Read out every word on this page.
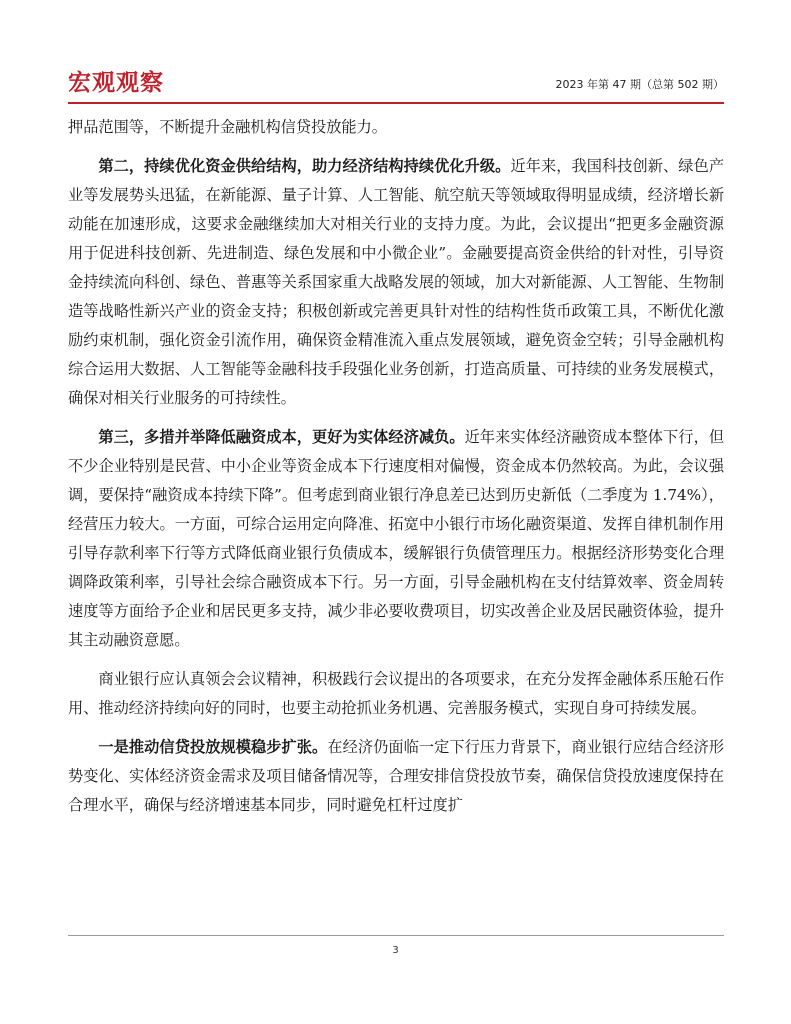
宏观观察	2023 年第 47 期（总第 502 期）

押品范围等，不断提升金融机构信贷投放能力。

第二，持续优化资金供给结构，助力经济结构持续优化升级。近年来，我国科技创新、绿色产业等发展势头迅猛，在新能源、量子计算、人工智能、航空航天等领域取得明显成绩，经济增长新动能在加速形成，这要求金融继续加大对相关行业的支持力度。为此，会议提出“把更多金融资源用于促进科技创新、先进制造、绿色发展和中小微企业”。金融要提高资金供给的针对性，引导资金持续流向科创、绿色、普惠等关系国家重大战略发展的领域，加大对新能源、人工智能、生物制造等战略性新兴产业的资金支持；积极创新或完善更具针对性的结构性货币政策工具，不断优化激励约束机制，强化资金引流作用，确保资金精准流入重点发展领域，避免资金空转；引导金融机构综合运用大数据、人工智能等金融科技手段强化业务创新，打造高质量、可持续的业务发展模式，确保对相关行业服务的可持续性。

第三，多措并举降低融资成本，更好为实体经济减负。近年来实体经济融资成本整体下行，但不少企业特别是民营、中小企业等资金成本下行速度相对偏慢，资金成本仍然较高。为此，会议强调，要保持“融资成本持续下降”。但考虑到商业银行净息差已达到历史新低（二季度为 1.74%），经营压力较大。一方面，可综合运用定向降准、拓宽中小银行市场化融资渠道、发挥自律机制作用引导存款利率下行等方式降低商业银行负债成本，缓解银行负债管理压力。根据经济形势变化合理调降政策利率，引导社会综合融资成本下行。另一方面，引导金融机构在支付结算效率、资金周转速度等方面给予企业和居民更多支持，减少非必要收费项目，切实改善企业及居民融资体验，提升其主动融资意愿。

商业银行应认真领会会议精神，积极践行会议提出的各项要求，在充分发挥金融体系压舱石作用、推动经济持续向好的同时，也要主动抢抓业务机遇、完善服务模式，实现自身可持续发展。

一是推动信贷投放规模稳步扩张。在经济仍面临一定下行压力背景下，商业银行应结合经济形势变化、实体经济资金需求及项目储备情况等，合理安排信贷投放节奏，确保信贷投放速度保持在合理水平，确保与经济增速基本同步，同时避免杠杆过度扩

3
